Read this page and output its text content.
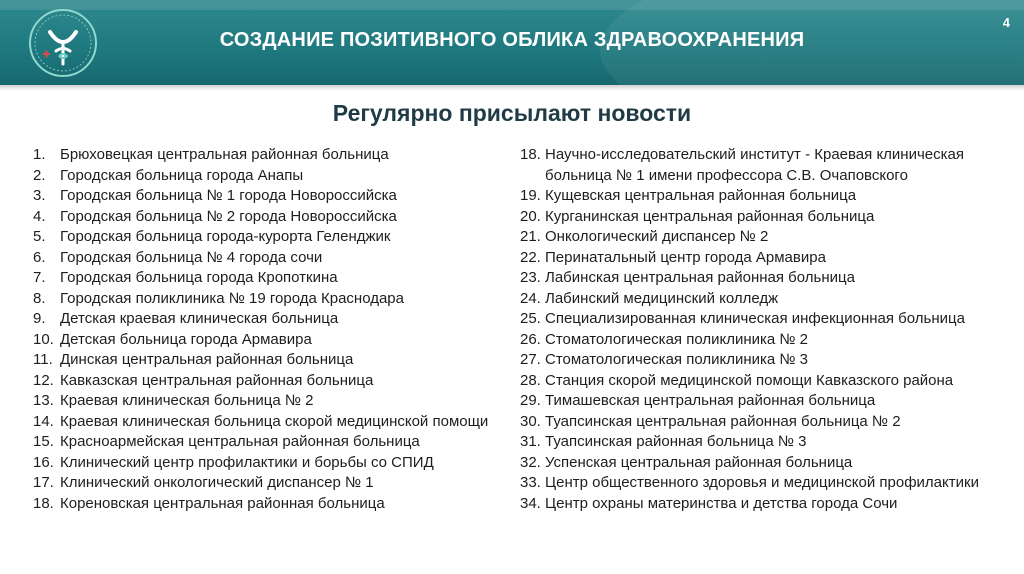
СОЗДАНИЕ ПОЗИТИВНОГО ОБЛИКА ЗДРАВООХРАНЕНИЯ
4
Регулярно присылают новости
1. Брюховецкая центральная районная больница
2. Городская больница города Анапы
3. Городская больница № 1 города Новороссийска
4. Городская больница № 2 города Новороссийска
5. Городская больница города-курорта Геленджик
6. Городская больница № 4 города сочи
7. Городская больница города Кропоткина
8. Городская поликлиника № 19 города Краснодара
9. Детская краевая клиническая больница
10. Детская больница города Армавира
11. Динская центральная районная больница
12. Кавказская центральная районная больница
13. Краевая клиническая больница № 2
14. Краевая клиническая больница скорой медицинской помощи
15. Красноармейская центральная районная больница
16. Клинический центр профилактики и борьбы со СПИД
17. Клинический онкологический диспансер № 1
18. Кореновская центральная районная больница
18. Научно-исследовательский институт - Краевая клиническая больница № 1 имени профессора С.В. Очаповского
19. Кущевская центральная районная больница
20. Курганинская центральная районная больница
21. Онкологический диспансер № 2
22. Перинатальный центр города Армавира
23. Лабинская центральная районная больница
24. Лабинский медицинский колледж
25. Специализированная клиническая инфекционная больница
26. Стоматологическая поликлиника № 2
27. Стоматологическая поликлиника № 3
28. Станция скорой медицинской помощи Кавказского района
29. Тимашевская центральная районная больница
30. Туапсинская центральная районная больница № 2
31. Туапсинская районная больница № 3
32. Успенская центральная районная больница
33. Центр общественного здоровья и медицинской профилактики
34. Центр охраны материнства и детства города Сочи
